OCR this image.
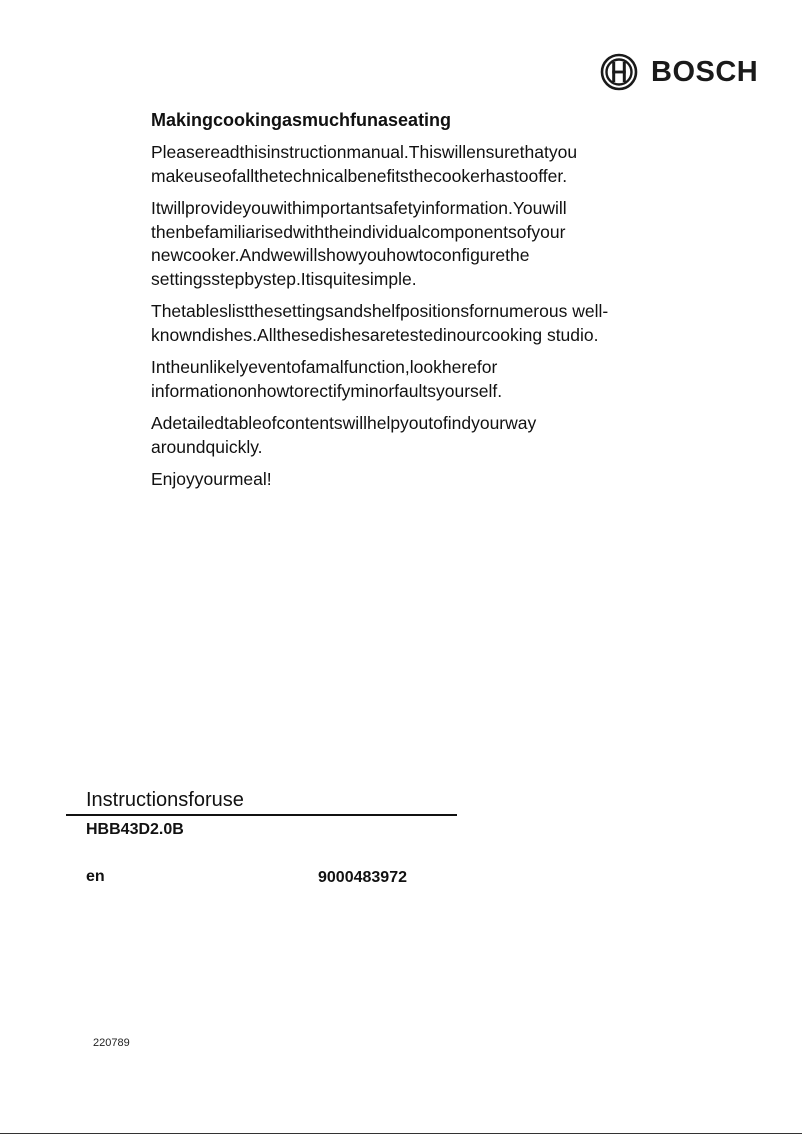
BOSCH
Makingcookingasmuchfunaseating

Pleasereadthisinstructionmanual.Thiswillensurethatyou makeuseofallthetechnicalbenefitsthecookerhastooffer.

Itwillprovideyouwithimportantsafetyinformation.Youwill thenbefamiliarisedwiththeindividualcomponentsofyour newcooker.Andwewillshowyouhowtoconfigurethe settingsstepbystep.Itisquitesimple.

Thetableslistthesettingsandshelfpositionsfornumerous well-knowndishes.Allthesedishesaretestedinourcooking studio.

Intheunlikelyeventofamalfunction,lookherefor informationonhowtorectifyminorfaultsyourself.

Adetailedtableofcontentswillhelpyoutofindyourway aroundquickly.

Enjoyyourmeal!

Instructionsforuse
HBB43D2.0B
en	9000483972
220789
